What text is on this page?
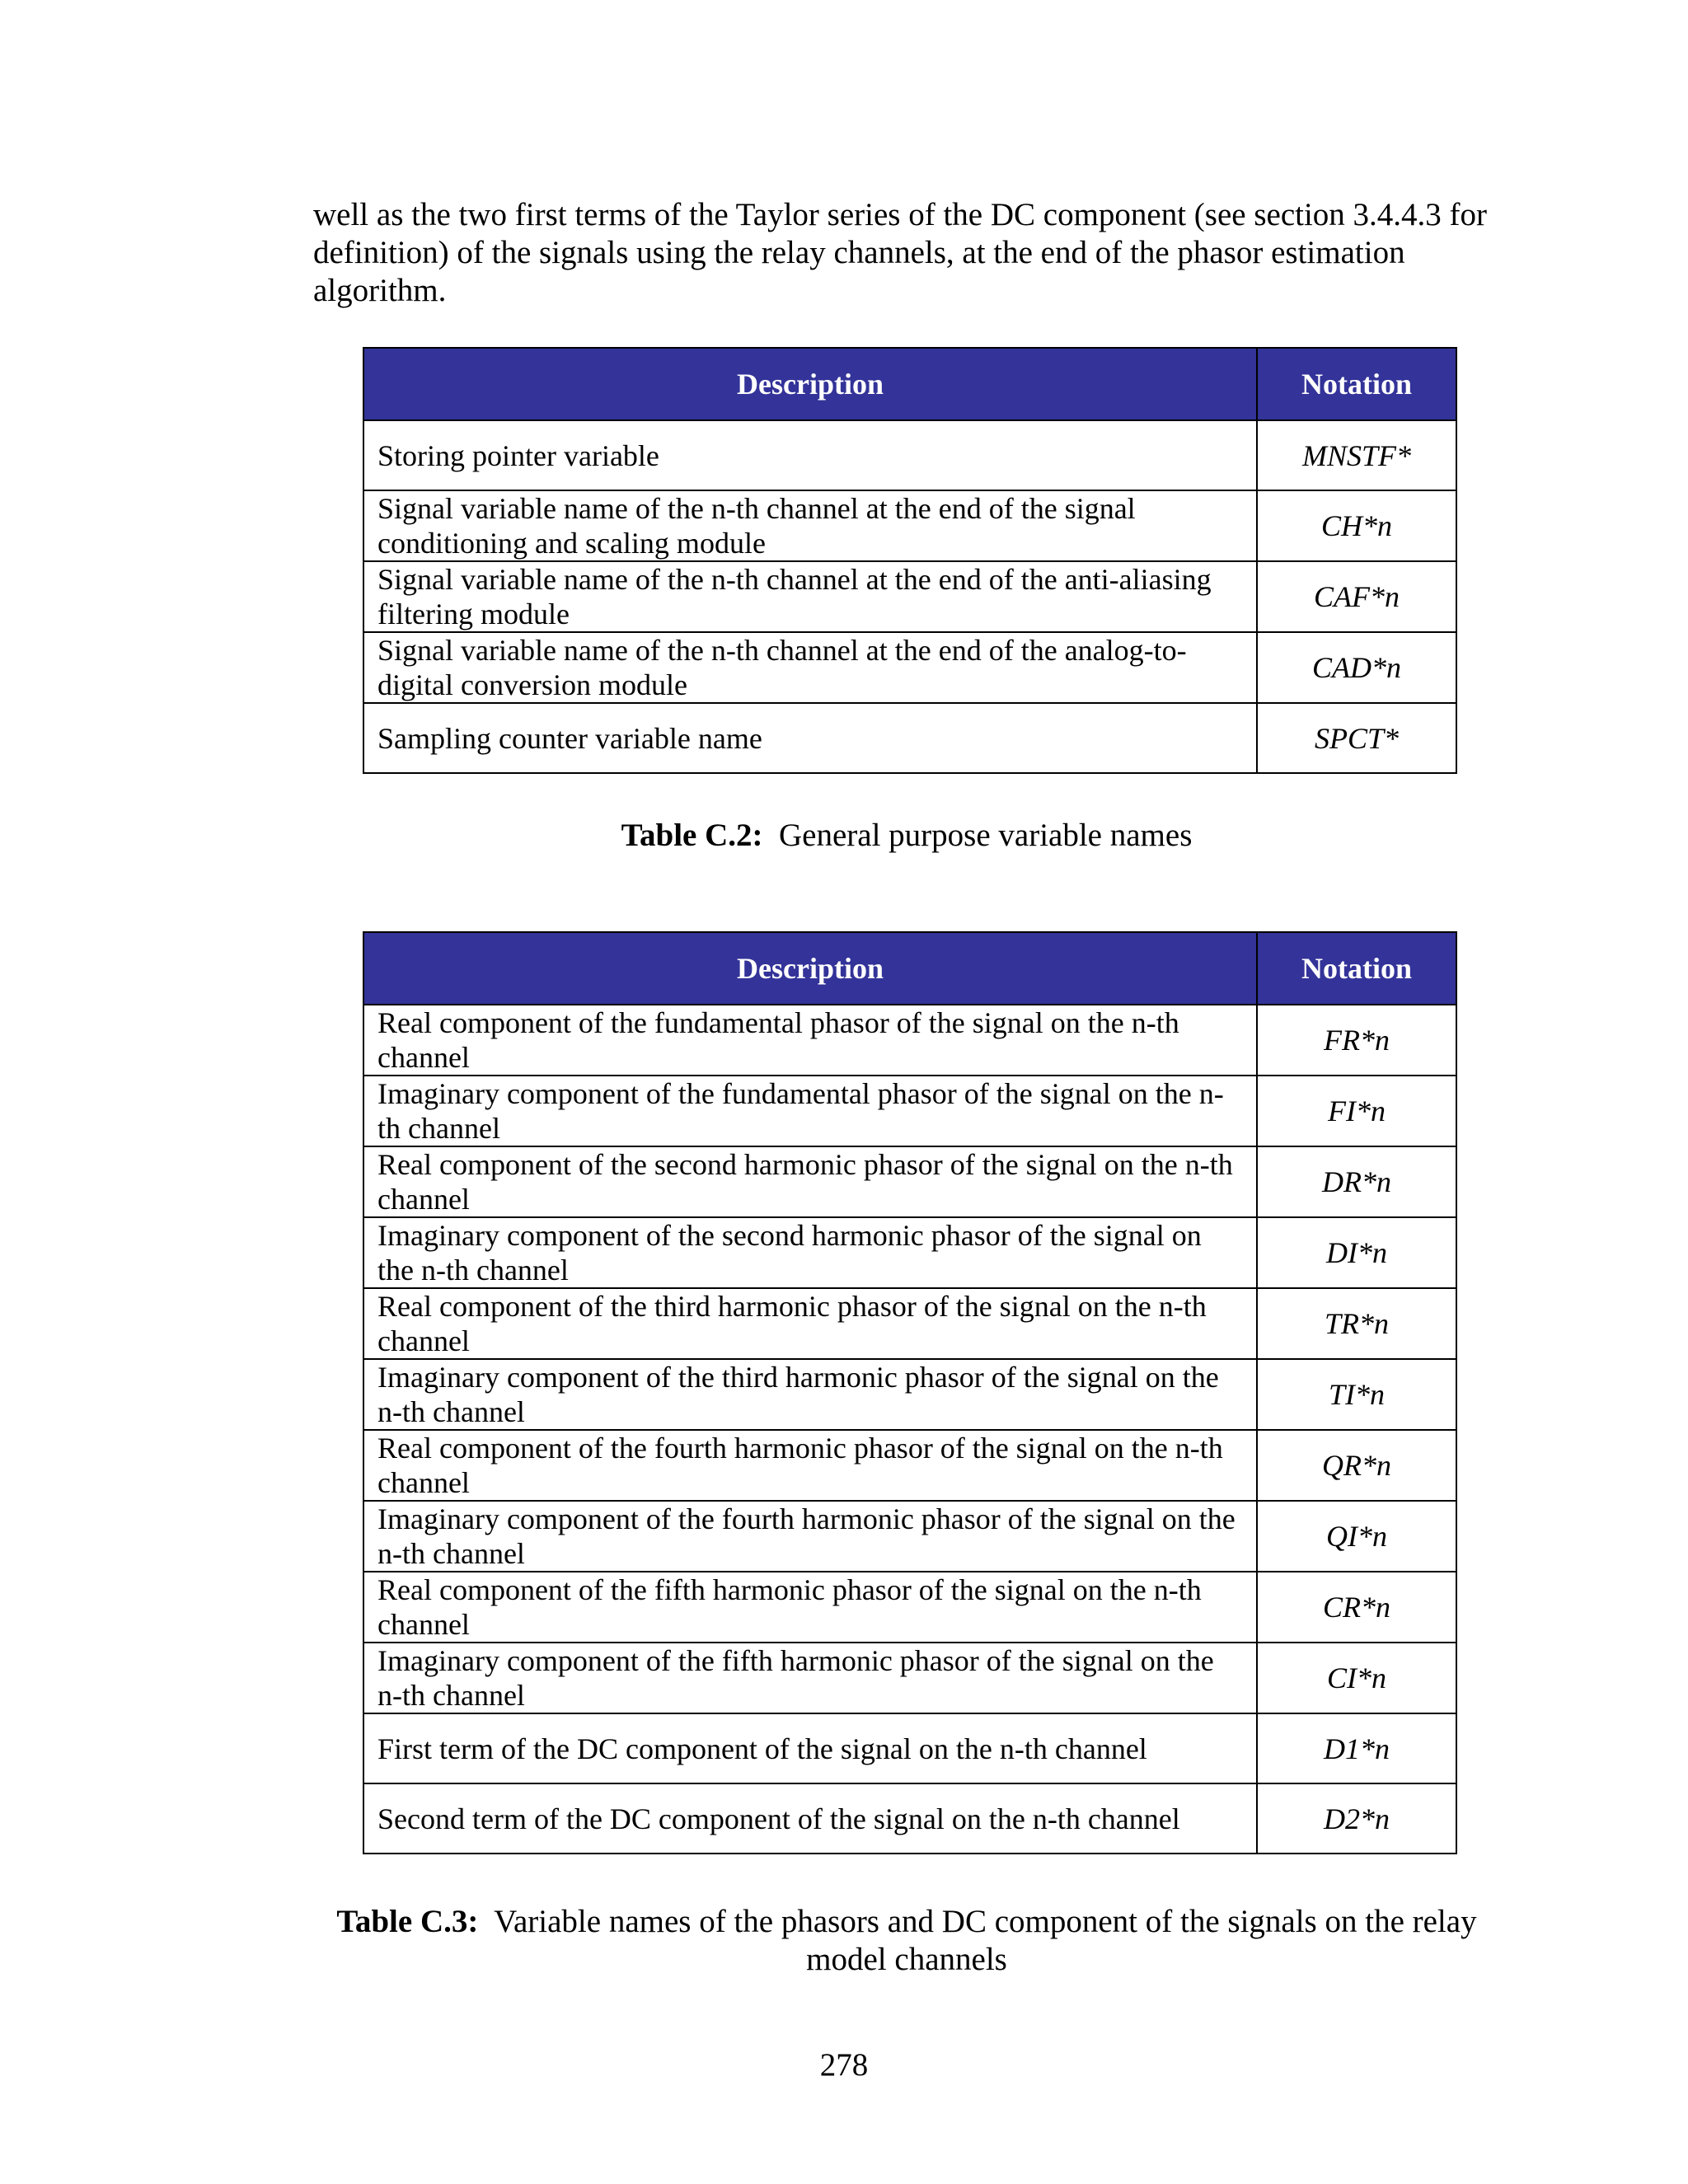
well as the two first terms of the Taylor series of the DC component (see section 3.4.4.3 for definition) of the signals using the relay channels, at the end of the phasor estimation algorithm.

Description	Notation
Storing pointer variable	MNSTF*
Signal variable name of the n-th channel at the end of the signal conditioning and scaling module	CH*n
Signal variable name of the n-th channel at the end of the anti-aliasing filtering module	CAF*n
Signal variable name of the n-th channel at the end of the analog-to-digital conversion module	CAD*n
Sampling counter variable name	SPCT*

Table C.2: General purpose variable names

Description	Notation
Real component of the fundamental phasor of the signal on the n-th channel	FR*n
Imaginary component of the fundamental phasor of the signal on the n-th channel	FI*n
Real component of the second harmonic phasor of the signal on the n-th channel	DR*n
Imaginary component of the second harmonic phasor of the signal on the n-th channel	DI*n
Real component of the third harmonic phasor of the signal on the n-th channel	TR*n
Imaginary component of the third harmonic phasor of the signal on the n-th channel	TI*n
Real component of the fourth harmonic phasor of the signal on the n-th channel	QR*n
Imaginary component of the fourth harmonic phasor of the signal on the n-th channel	QI*n
Real component of the fifth harmonic phasor of the signal on the n-th channel	CR*n
Imaginary component of the fifth harmonic phasor of the signal on the n-th channel	CI*n
First term of the DC component of the signal on the n-th channel	D1*n
Second term of the DC component of the signal on the n-th channel	D2*n

Table C.3: Variable names of the phasors and DC component of the signals on the relay model channels

278
